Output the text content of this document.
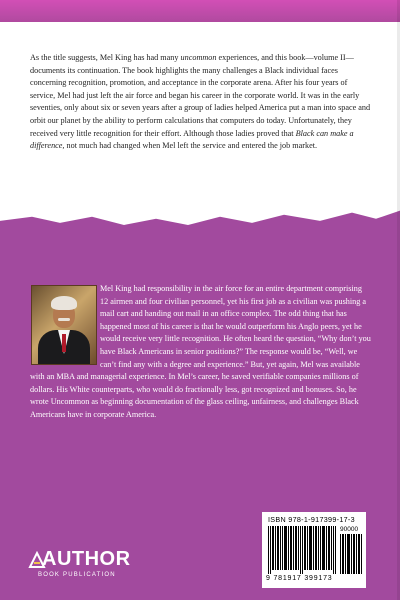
As the title suggests, Mel King has had many uncommon experiences, and this book—volume II—documents its continuation. The book highlights the many challenges a Black individual faces concerning recognition, promotion, and acceptance in the corporate arena. After his four years of service, Mel had just left the air force and began his career in the corporate world. It was in the early seventies, only about six or seven years after a group of ladies helped America put a man into space and orbit our planet by the ability to perform calculations that computers do today. Unfortunately, they received very little recognition for their effort. Although those ladies proved that Black can make a difference, not much had changed when Mel left the service and entered the job market.
Mel King had responsibility in the air force for an entire department comprising 12 airmen and four civilian personnel, yet his first job as a civilian was pushing a mail cart and handing out mail in an office complex. The odd thing that has happened most of his career is that he would outperform his Anglo peers, yet he would receive very little recognition. He often heard the question, “Why don’t you have Black Americans in senior positions?” The response would be, “Well, we can’t find any with a degree and experience.” But, yet again, Mel was available with an MBA and managerial experience. In Mel’s career, he saved verifiable companies millions of dollars. His White counterparts, who would do fractionally less, got recognized and bonuses. So, he wrote Uncommon as beginning documentation of the glass ceiling, unfairness, and challenges Black Americans have in corporate America.
AUTHOR
BOOK PUBLICATION
ISBN 978-1-917399-17-3
90000
9 781917 399173
